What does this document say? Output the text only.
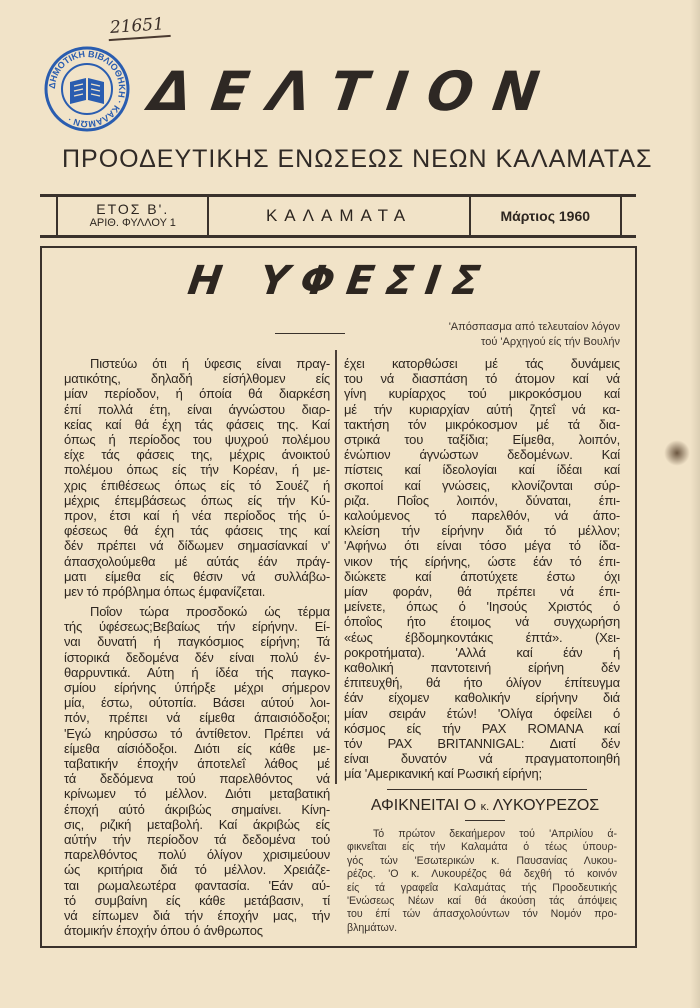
21651
ΔΗΜΟΤΙΚΗ ΒΙΒΛΙΟΘΗΚΗ · ΚΑΛΑΜΩΝ ·	ΔΕΛΤΙΟΝ
ΠΡΟΟΔΕΥΤΙΚΗΣ ΕΝΩΣΕΩΣ ΝΕΩΝ ΚΑΛΑΜΑΤΑΣ
ΕΤΟΣ Β'.
ΑΡΙΘ. ΦΥΛΛΟΥ 1	ΚΑΛΑΜΑΤΑ	Μάρτιος 1960
Η ΥΦΕΣΙΣ
'Απόσπασμα από τελευταίον λόγον
τού 'Αρχηγού είς τήν Βουλήν
Πιστεύω ότι ή ύφεσις είναι πραγ-
ματικότης, δηλαδή είσήλθομεν είς
μίαν περίοδον, ή όποία θά διαρκέση
έπί πολλά έτη, είναι άγνώστου διαρ-
κείας καί θά έχη τάς φάσεις της. Καί
όπως ή περίοδος του ψυχρού πολέμου
είχε τάς φάσεις της, μέχρις άνοικτού
πολέμου όπως είς τήν Κορέαν, ή με-
χρις έπιθέσεως όπως είς τό Σουέζ ή
μέχρις έπεμβάσεως όπως είς τήν Κύ-
προν, έτσι καί ή νέα περίοδος τής ύ-
φέσεως θά έχη τάς φάσεις της καί
δέν πρέπει νά δίδωμεν σημασίανκαί ν'
άπασχολούμεθα μέ αύτάς έάν πράγ-
ματι είμεθα είς θέσιν νά συλλάβω-
μεν τό πρόβλημα όπως έμφανίζεται.
Ποΐον τώρα προσδοκώ ώς τέρμα
τής ύφέσεως;Βεβαίως τήν είρήνην. Εί-
ναι δυνατή ή παγκόσμιος είρήνη; Τά
ίστορικά δεδομένα δέν είναι πολύ έν-
θαρρυντικά. Αύτη ή ίδέα τής παγκο-
σμίου είρήνης ύπήρξε μέχρι σήμερον
μία, έστω, ούτοπία. Βάσει αύτού λοι-
πόν, πρέπει νά είμεθα άπαισιόδοξοι;
'Εγώ κηρύσσω τό άντίθετον. Πρέπει νά
είμεθα αίσιόδοξοι. Διότι είς κάθε με-
ταβατικήν έποχήν άποτελεΐ λάθος μέ
τά δεδόμενα τού παρελθόντος νά
κρίνωμεν τό μέλλον. Διότι μεταβατική
έποχή αύτό άκριβώς σημαίνει. Κίνη-
σις, ριζική μεταβολή. Καί άκριβώς είς
αύτήν τήν περίοδον τά δεδομένα τού
παρελθόντος πολύ όλίγον χρισιμεύουν
ώς κριτήρια διά τό μέλλον. Χρειάζε-
ται ρωμαλεωτέρα φαντασία. 'Εάν αύ-
τό συμβαίνη είς κάθε μετάβασιν, τί
νά είπωμεν διά τήν έποχήν μας, τήν
άτομικήν έποχήν όπου ό άνθρωπος
έχει κατορθώσει μέ τάς δυνάμεις
του νά διασπάση τό άτομον καί νά
γίνη κυρίαρχος τού μικροκόσμου καί
μέ τήν κυριαρχίαν αύτή ζητεΐ νά κα-
τακτήση τόν μικρόκοσμον μέ τά δια-
στρικά του ταξίδια; Είμεθα, λοιπόν,
ένώπιον άγνώστων δεδομένων. Καί
πίστεις καί ίδεολογίαι καί ίδέαι καί
σκοποί καί γνώσεις, κλονίζονται σύρ-
ριζα. Ποΐος λοιπόν, δύναται, έπι-
καλούμενος τό παρελθόν, νά άπο-
κλείση τήν είρήνην διά τό μέλλον;
'Αφήνω ότι είναι τόσο μέγα τό ίδα-
νικον τής είρήνης, ώστε έάν τό έπι-
διώκετε καί άποτύχετε έστω όχι
μίαν φοράν, θά πρέπει νά έπι-
μείνετε, όπως ό 'Ιησούς Χριστός ό
όποΐος ήτο έτοιμος νά συγχωρήση
«έως έβδομηκοντάκις έπτά». (Χει-
ροκροτήματα). 'Αλλά καί έάν ή
καθολική παντοτεινή είρήνη δέν
έπιτευχθή, θά ήτο όλίγον έπίτευγμα
έάν είχομεν καθολικήν είρήνην διά
μίαν σειράν έτών! 'Ολίγα όφείλει ό
κόσμος είς τήν PAX ROMANA καί
τόν PAX BRITANNIGAL: Διατί δέν
είναι δυνατόν νά πραγματοποιηθή
μία 'Αμερικανική καί Ρωσική είρήνη;
ΑΦΙΚΝΕΙΤΑΙ Ο κ. ΛΥΚΟΥΡΕΖΟΣ
Τό πρώτον δεκαήμερον τού 'Απριλίου ά-
φικνεΐται είς τήν Καλαμάτα ό τέως ύπουρ-
γός τών 'Εσωτερικών κ. Παυσανίας Λυκου-
ρέζος. 'Ο κ. Λυκουρέζος θά δεχθή τό κοινόν
είς τά γραφεΐα Καλαμάτας τής Προοδευτικής
'Ενώσεως Νέων καί θά άκούση τάς άπόψεις
του έπί τών άπασχολούντων τόν Νομόν προ-
βλημάτων.
